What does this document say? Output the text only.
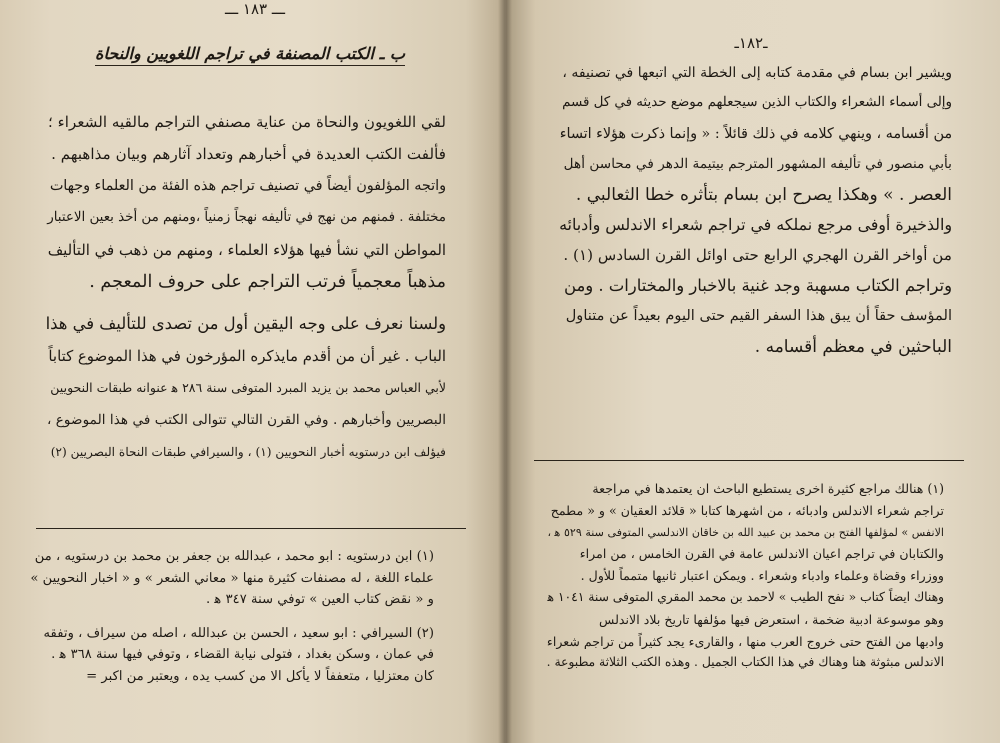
ـــ ١٨٣ ـــ
ب ـ الكتب المصنفة في تراجم اللغويين والنحاة
لقي اللغويون والنحاة من عناية مصنفي التراجم مالقيه الشعراء ؛
فألفت الكتب العديدة في أخبارهم وتعداد آثارهم وبيان مذاهبهم .
واتجه المؤلفون أيضاً في تصنيف تراجم هذه الفئة من العلماء وجهات
مختلفة . فمنهم من نهج في تأليفه نهجاً زمنياً ،ومنهم من أخذ بعين الاعتبار
المواطن التي نشأ فيها هؤلاء العلماء ، ومنهم من ذهب في التأليف
مذهباً معجمياً فرتب التراجم على حروف المعجم .
ولسنا نعرف على وجه اليقين أول من تصدى للتأليف في هذا
الباب . غير أن من أقدم مايذكره المؤرخون في هذا الموضوع كتاباً
لأبي العباس محمد بن يزيد المبرد المتوفى سنة ٢٨٦ ﻫ عنوانه طبقات النحويين
البصريين وأخبارهم . وفي القرن التالي تتوالى الكتب في هذا الموضوع ،
فيؤلف ابن درستويه أخبار النحويين (١) ، والسيرافي طبقات النحاة البصريين (٢)
(١) ابن درستويه : ابو محمد ، عبدالله بن جعفر بن محمد بن درستويه ، من
علماء اللغة ، له مصنفات كثيرة منها « معاني الشعر » و « اخبار النحويين »
و « نقض كتاب العين » توفي سنة ٣٤٧ ﻫ .
(٢) السيرافي : ابو سعيد ، الحسن بن عبدالله ، اصله من سيراف ، وتفقه
في عمان ، وسكن بغداد ، فتولى نيابة القضاء ، وتوفي فيها سنة ٣٦٨ ﻫ .
كان معتزليا ، متعففاً لا يأكل الا من كسب يده ، ويعتبر من اكبر =
ـ١٨٢ـ
ويشير ابن بسام في مقدمة كتابه إلى الخطة التي اتبعها في تصنيفه ،
وإلى أسماء الشعراء والكتاب الذين سيجعلهم موضع حديثه في كل قسم
من أقسامه ، وينهي كلامه في ذلك قائلاً : « وإنما ذكرت هؤلاء اتساء
بأبي منصور في تأليفه المشهور المترجم بيتيمة الدهر في محاسن أهل
العصر . » وهكذا يصرح ابن بسام بتأثره خطا الثعالبي .
والذخيرة أوفى مرجع نملكه في تراجم شعراء الاندلس وأدبائه
من أواخر القرن الهجري الرابع حتى اوائل القرن السادس (١) .
وتراجم الكتاب مسهبة وجد غنية بالاخبار والمختارات . ومن
المؤسف حقاً أن يبق هذا السفر القيم حتى اليوم بعيداً عن متناول
الباحثين في معظم أقسامه .
(١) هنالك مراجع كثيرة اخرى يستطيع الباحث ان يعتمدها في مراجعة
تراجم شعراء الاندلس وادبائه ، من اشهرها كتابا « قلائد العقيان » و « مطمح
الانفس » لمؤلفها الفتح بن محمد بن عبيد الله بن خاقان الاندلسي المتوفى سنة ٥٢٩ ﻫ ،
والكتابان في تراجم اعيان الاندلس عامة في القرن الخامس ، من امراء
ووزراء وقضاة وعلماء وادباء وشعراء . ويمكن اعتبار ثانيها متمماً للأول .
وهناك ايضاً كتاب « نفح الطيب » لاحمد بن محمد المقري المتوفى سنة ١٠٤١ ﻫ
وهو موسوعة ادبية ضخمة ، استعرض فيها مؤلفها تاريخ بلاد الاندلس
وادبها من الفتح حتى خروج العرب منها ، والقارىء يجد كثيراً من تراجم شعراء
الاندلس مبثوثة هنا وهناك في هذا الكتاب الجميل . وهذه الكتب الثلاثة مطبوعة .
